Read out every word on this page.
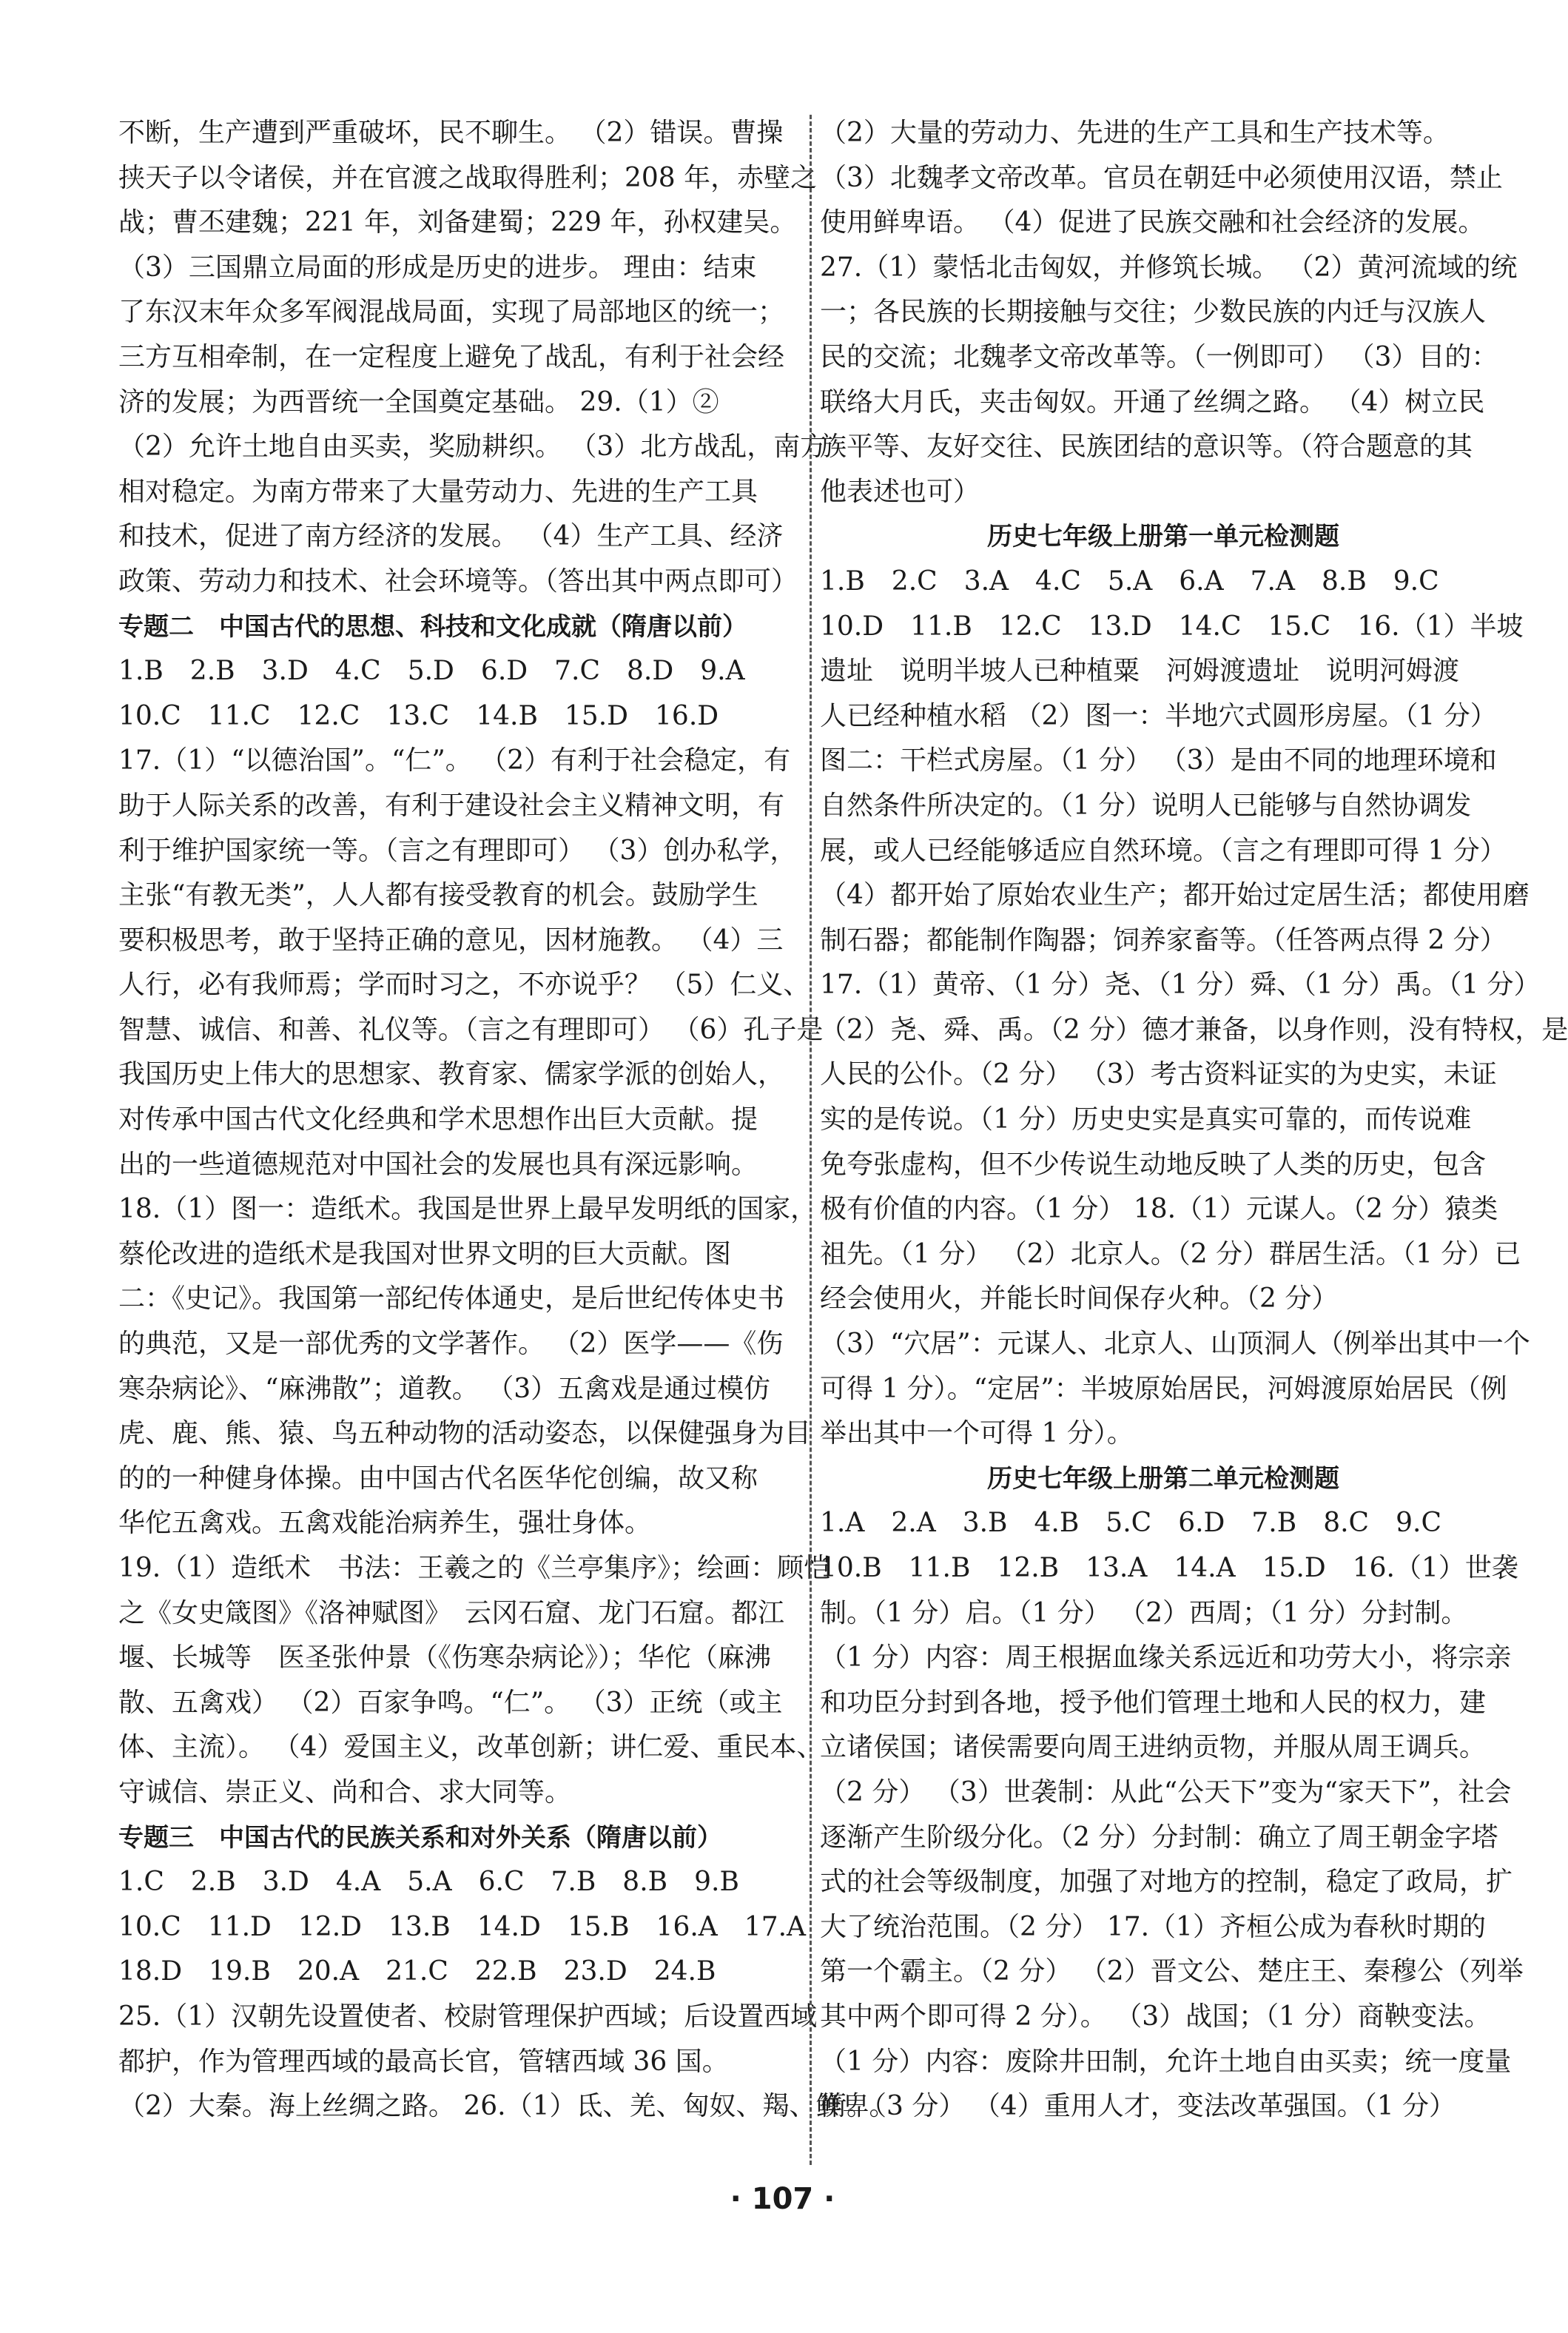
不断，生产遭到严重破坏，民不聊生。 （2）错误。曹操
挟天子以令诸侯，并在官渡之战取得胜利；208 年，赤壁之
战；曹丕建魏；221 年，刘备建蜀；229 年，孙权建吴。
（3）三国鼎立局面的形成是历史的进步。 理由：结束
了东汉末年众多军阀混战局面，实现了局部地区的统一；
三方互相牵制，在一定程度上避免了战乱，有利于社会经
济的发展；为西晋统一全国奠定基础。 29.（1）②
（2）允许土地自由买卖，奖励耕织。 （3）北方战乱，南方
相对稳定。为南方带来了大量劳动力、先进的生产工具
和技术，促进了南方经济的发展。 （4）生产工具、经济
政策、劳动力和技术、社会环境等。（答出其中两点即可）
专题二　中国古代的思想、科技和文化成就（隋唐以前）
1.B　2.B　3.D　4.C　5.D　6.D　7.C　8.D　9.A
10.C　11.C　12.C　13.C　14.B　15.D　16.D
17.（1）“以德治国”。“仁”。 （2）有利于社会稳定，有
助于人际关系的改善，有利于建设社会主义精神文明，有
利于维护国家统一等。（言之有理即可） （3）创办私学，
主张“有教无类”，人人都有接受教育的机会。鼓励学生
要积极思考，敢于坚持正确的意见，因材施教。 （4）三
人行，必有我师焉；学而时习之，不亦说乎？ （5）仁义、
智慧、诚信、和善、礼仪等。（言之有理即可） （6）孔子是
我国历史上伟大的思想家、教育家、儒家学派的创始人，
对传承中国古代文化经典和学术思想作出巨大贡献。提
出的一些道德规范对中国社会的发展也具有深远影响。
18.（1）图一：造纸术。我国是世界上最早发明纸的国家，
蔡伦改进的造纸术是我国对世界文明的巨大贡献。图
二：《史记》。我国第一部纪传体通史，是后世纪传体史书
的典范，又是一部优秀的文学著作。 （2）医学——《伤
寒杂病论》、“麻沸散”；道教。 （3）五禽戏是通过模仿
虎、鹿、熊、猿、鸟五种动物的活动姿态，以保健强身为目
的的一种健身体操。由中国古代名医华佗创编，故又称
华佗五禽戏。五禽戏能治病养生，强壮身体。
19.（1）造纸术　书法：王羲之的《兰亭集序》；绘画：顾恺
之《女史箴图》《洛神赋图》　云冈石窟、龙门石窟。都江
堰、长城等　医圣张仲景（《伤寒杂病论》）；华佗（麻沸
散、五禽戏） （2）百家争鸣。“仁”。 （3）正统（或主
体、主流）。 （4）爱国主义，改革创新；讲仁爱、重民本、
守诚信、崇正义、尚和合、求大同等。
专题三　中国古代的民族关系和对外关系（隋唐以前）
1.C　2.B　3.D　4.A　5.A　6.C　7.B　8.B　9.B
10.C　11.D　12.D　13.B　14.D　15.B　16.A　17.A
18.D　19.B　20.A　21.C　22.B　23.D　24.B
25.（1）汉朝先设置使者、校尉管理保护西域；后设置西域
都护，作为管理西域的最高长官，管辖西域 36 国。
（2）大秦。海上丝绸之路。 26.（1）氐、羌、匈奴、羯、鲜卑。
（2）大量的劳动力、先进的生产工具和生产技术等。
（3）北魏孝文帝改革。官员在朝廷中必须使用汉语，禁止
使用鲜卑语。 （4）促进了民族交融和社会经济的发展。
27.（1）蒙恬北击匈奴，并修筑长城。 （2）黄河流域的统
一；各民族的长期接触与交往；少数民族的内迁与汉族人
民的交流；北魏孝文帝改革等。（一例即可） （3）目的：
联络大月氏，夹击匈奴。开通了丝绸之路。 （4）树立民
族平等、友好交往、民族团结的意识等。（符合题意的其
他表述也可）
历史七年级上册第一单元检测题
1.B　2.C　3.A　4.C　5.A　6.A　7.A　8.B　9.C
10.D　11.B　12.C　13.D　14.C　15.C　16.（1）半坡
遗址　说明半坡人已种植粟　河姆渡遗址　说明河姆渡
人已经种植水稻 （2）图一：半地穴式圆形房屋。（1 分）
图二：干栏式房屋。（1 分） （3）是由不同的地理环境和
自然条件所决定的。（1 分）说明人已能够与自然协调发
展，或人已经能够适应自然环境。（言之有理即可得 1 分）
（4）都开始了原始农业生产；都开始过定居生活；都使用磨
制石器；都能制作陶器；饲养家畜等。（任答两点得 2 分）
17.（1）黄帝、（1 分）尧、（1 分）舜、（1 分）禹。（1 分）
（2）尧、舜、禹。（2 分）德才兼备，以身作则，没有特权，是
人民的公仆。（2 分） （3）考古资料证实的为史实，未证
实的是传说。（1 分）历史史实是真实可靠的，而传说难
免夸张虚构，但不少传说生动地反映了人类的历史，包含
极有价值的内容。（1 分） 18.（1）元谋人。（2 分）猿类
祖先。（1 分） （2）北京人。（2 分）群居生活。（1 分）已
经会使用火，并能长时间保存火种。（2 分）
（3）“穴居”：元谋人、北京人、山顶洞人（例举出其中一个
可得 1 分）。“定居”：半坡原始居民，河姆渡原始居民（例
举出其中一个可得 1 分）。
历史七年级上册第二单元检测题
1.A　2.A　3.B　4.B　5.C　6.D　7.B　8.C　9.C
10.B　11.B　12.B　13.A　14.A　15.D　16.（1）世袭
制。（1 分）启。（1 分） （2）西周；（1 分）分封制。
（1 分）内容：周王根据血缘关系远近和功劳大小，将宗亲
和功臣分封到各地，授予他们管理土地和人民的权力，建
立诸侯国；诸侯需要向周王进纳贡物，并服从周王调兵。
（2 分） （3）世袭制：从此“公天下”变为“家天下”，社会
逐渐产生阶级分化。（2 分）分封制：确立了周王朝金字塔
式的社会等级制度，加强了对地方的控制，稳定了政局，扩
大了统治范围。（2 分） 17.（1）齐桓公成为春秋时期的
第一个霸主。（2 分） （2）晋文公、楚庄王、秦穆公（列举
其中两个即可得 2 分）。 （3）战国；（1 分）商鞅变法。
（1 分）内容：废除井田制，允许土地自由买卖；统一度量
衡。（3 分） （4）重用人才，变法改革强国。（1 分）
· 107 ·
